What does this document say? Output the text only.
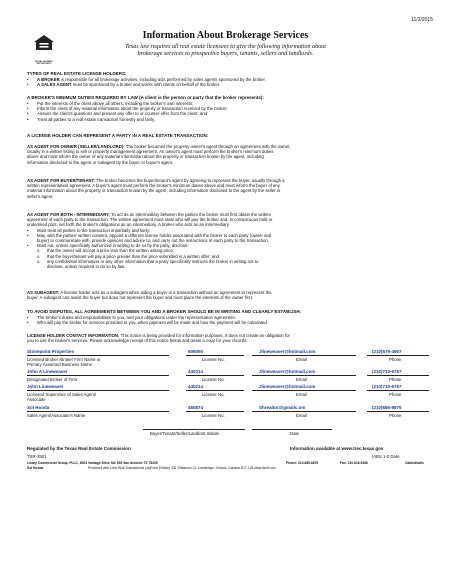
11/2/2015
EQUAL HOUSING OPPORTUNITY
Information About Brokerage Services
Texas law requires all real estate licensees to give the following information about
brokerage services to prospective buyers, tenants, sellers and landlords.
TYPES OF REAL ESTATE LICENSE HOLDERS:
• A BROKER is responsible for all brokerage activities, including acts performed by sales agents sponsored by the broker.
• A SALES AGENT must be sponsored by a broker and works with clients on behalf of the broker.
A BROKER'S MINIMUM DUTIES REQUIRED BY LAW (A client is the person or party that the broker represents):
• Put the interests of the client above all others, including the broker's own interests;
• Inform the client of any material information about the property or transaction received by the broker;
• Answer the client's questions and present any offer to or counter-offer from the client; and
• Treat all parties to a real estate transaction honestly and fairly.
A LICENSE HOLDER CAN REPRESENT A PARTY IN A REAL ESTATE TRANSACTION:
AS AGENT FOR OWNER (SELLER/LANDLORD): The broker becomes the property owner's agent through an agreement with the owner,
usually in a written listing to sell or property management agreement. An owner's agent must perform the broker's minimum duties
above and must inform the owner of any material information about the property or transaction known by the agent, including
information disclosed to the agent or subagent by the buyer or buyer's agent.
AS AGENT FOR BUYER/TENANT: The broker becomes the buyer/tenant's agent by agreeing to represent the buyer, usually through a
written representation agreement. A buyer's agent must perform the broker's minimum duties above and must inform the buyer of any
material information about the property or transaction known by the agent, including information disclosed to the agent by the seller or
seller's agent.
AS AGENT FOR BOTH - INTERMEDIARY: To act as an intermediary between the parties the broker must first obtain the written
agreement of each party to the transaction. The written agreement must state who will pay the broker and, in conspicuous bold or
underlined print, set forth the broker's obligations as an intermediary. A broker who acts as an intermediary:
• Must treat all parties to the transaction impartially and fairly;
• May, with the parties' written consent, appoint a different license holder associated with the broker to each party (owner and
buyer) to communicate with, provide opinions and advice to, and carry out the instructions of each party to the transaction.
• Must not, unless specifically authorized in writing to do so by the party, disclose:
o that the owner will accept a price less than the written asking price;
o that the buyer/tenant will pay a price greater than the price submitted in a written offer; and
o any confidential information or any other information that a party specifically instructs the broker in writing not to
disclose, unless required to do so by law.
AS SUBAGENT: A license holder acts as a subagent when aiding a buyer in a transaction without an agreement to represent the
buyer. A subagent can assist the buyer but does not represent the buyer and must place the interests of the owner first.
TO AVOID DISPUTES, ALL AGREEMENTS BETWEEN YOU AND A BROKER SHOULD BE IN WRITING AND CLEARLY ESTABLISH:
• The broker's duties and responsibilities to you, and your obligations under the representation agreement.
• Who will pay the broker for services provided to you, when payment will be made and how the payment will be calculated.
LICENSE HOLDER CONTACT INFORMATION: This notice is being provided for information purposes. It does not create an obligation for
you to use the broker's services. Please acknowledge receipt of this notice below and retain a copy for your records.
Stonepoint Properties	606055	Jlineweaver@hotmail.com	(210)579-4907
Licensed Broker /Broker Firm Name or
Primary Assumed Business Name
License No.	Email	Phone
John A Lineweaver	440214	Jlineweaver@hotmail.com	(210)710-6767
Designated Broker of Firm	License No.	Email	Phone
John Lineweaver	440214	Jlineweaver@hotmail.com	(210)710-6767
Licensed Supervisor of Sales Agent/
Associate
License No.	Email	Phone
Sol Hooda	460874	Shrealtor@gmailc.om	(210)685-8875
Sales Agent/Associate's Name	License No.	Email	Phone
Buyer/Tenant/Seller/Landlord Initials	Date
Regulated by the Texas Real Estate Commission	Information available at www.trec.texas.gov
TXR-2501	IABS 1-0 Date
Linary Commercial Group, PLLC, 8023 Vantage Drive Ste 535 San Antonio TX 78230	Phone: 210.685.8875	Fax: 210.616.9266	Cable&halls
Sol Hooda	Produced with Lone Wolf Transactions (zipForm Edition) 231 Shearson Cr. Cambridge, Ontario, Canada N1T 1J5 www.lwolf.com
